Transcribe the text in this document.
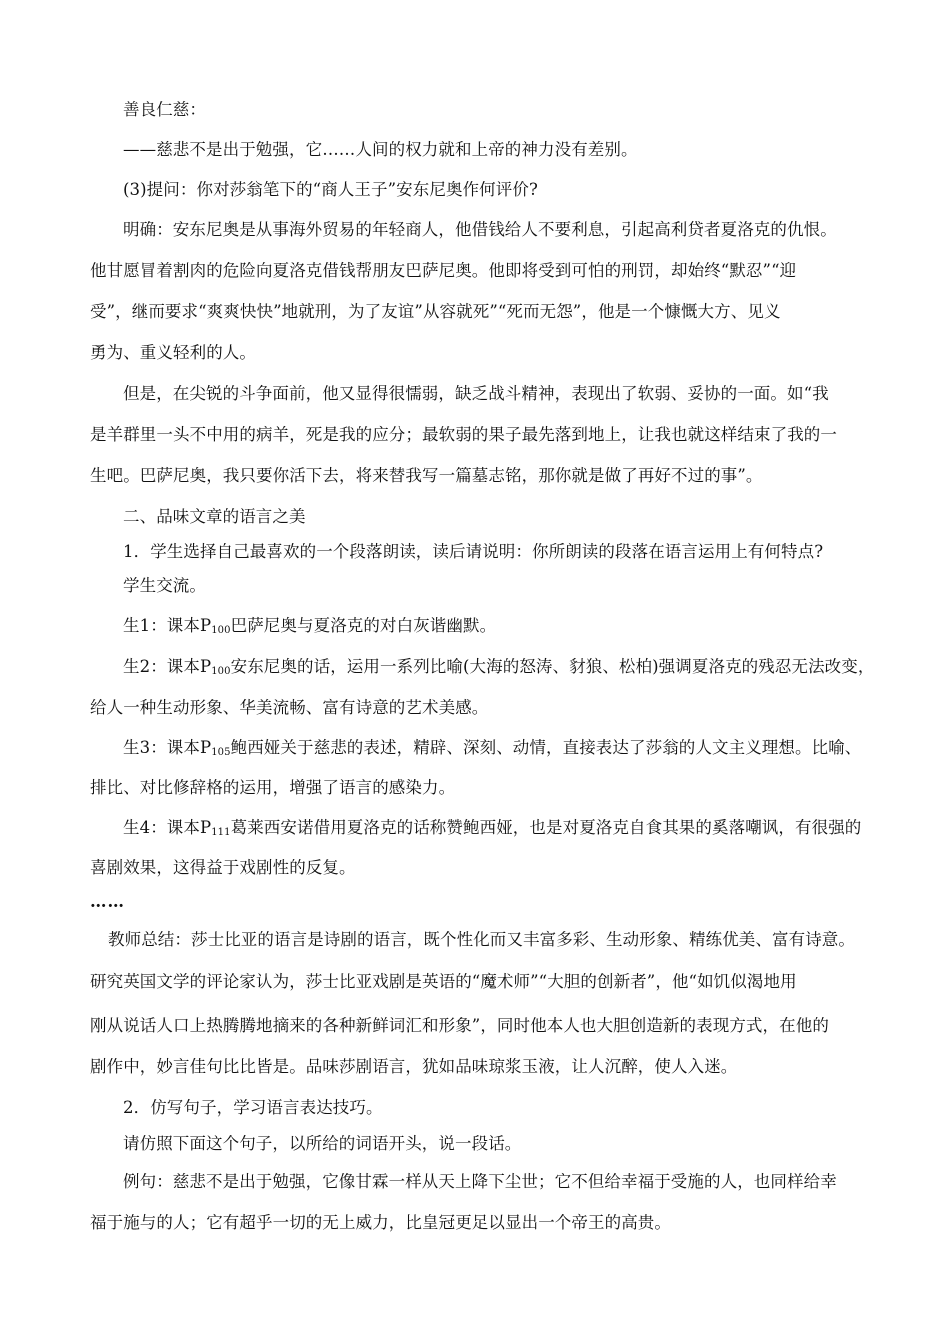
善良仁慈：
——慈悲不是出于勉强，它……人间的权力就和上帝的神力没有差别。
(3)提问：你对莎翁笔下的“商人王子”安东尼奥作何评价?
明确：安东尼奥是从事海外贸易的年轻商人，他借钱给人不要利息，引起高利贷者夏洛克的仇恨。
他甘愿冒着割肉的危险向夏洛克借钱帮朋友巴萨尼奥。他即将受到可怕的刑罚，却始终“默忍”“迎
受”，继而要求“爽爽快快”地就刑，为了友谊”从容就死”“死而无怨”，他是一个慷慨大方、见义
勇为、重义轻利的人。
但是，在尖锐的斗争面前，他又显得很懦弱，缺乏战斗精神，表现出了软弱、妥协的一面。如“我
是羊群里一头不中用的病羊，死是我的应分；最软弱的果子最先落到地上，让我也就这样结束了我的一
生吧。巴萨尼奥，我只要你活下去，将来替我写一篇墓志铭，那你就是做了再好不过的事”。
二、品味文章的语言之美
1．学生选择自己最喜欢的一个段落朗读，读后请说明：你所朗读的段落在语言运用上有何特点?
学生交流。
生1：课本$P_{100}$巴萨尼奥与夏洛克的对白灰谐幽默。
生2：课本$P_{100}$安东尼奥的话，运用一系列比喻(大海的怒涛、豺狼、松柏)强调夏洛克的残忍无法改变，
给人一种生动形象、华美流畅、富有诗意的艺术美感。
生3：课本$P_{105}$鲍西娅关于慈悲的表述，精辟、深刻、动情，直接表达了莎翁的人文主义理想。比喻、
排比、对比修辞格的运用，增强了语言的感染力。
生4：课本$P_{111}$葛莱西安诺借用夏洛克的话称赞鲍西娅，也是对夏洛克自食其果的奚落嘲讽，有很强的
喜剧效果，这得益于戏剧性的反复。
……
教师总结：莎士比亚的语言是诗剧的语言，既个性化而又丰富多彩、生动形象、精练优美、富有诗意。
研究英国文学的评论家认为，莎士比亚戏剧是英语的“魔术师”“大胆的创新者”，他“如饥似渴地用
刚从说话人口上热腾腾地摘来的各种新鲜词汇和形象”，同时他本人也大胆创造新的表现方式，在他的
剧作中，妙言佳句比比皆是。品味莎剧语言，犹如品味琼浆玉液，让人沉醉，使人入迷。
2．仿写句子，学习语言表达技巧。
请仿照下面这个句子，以所给的词语开头，说一段话。
例句：慈悲不是出于勉强，它像甘霖一样从天上降下尘世；它不但给幸福于受施的人，也同样给幸
福于施与的人；它有超乎一切的无上威力，比皇冠更足以显出一个帝王的高贵。
